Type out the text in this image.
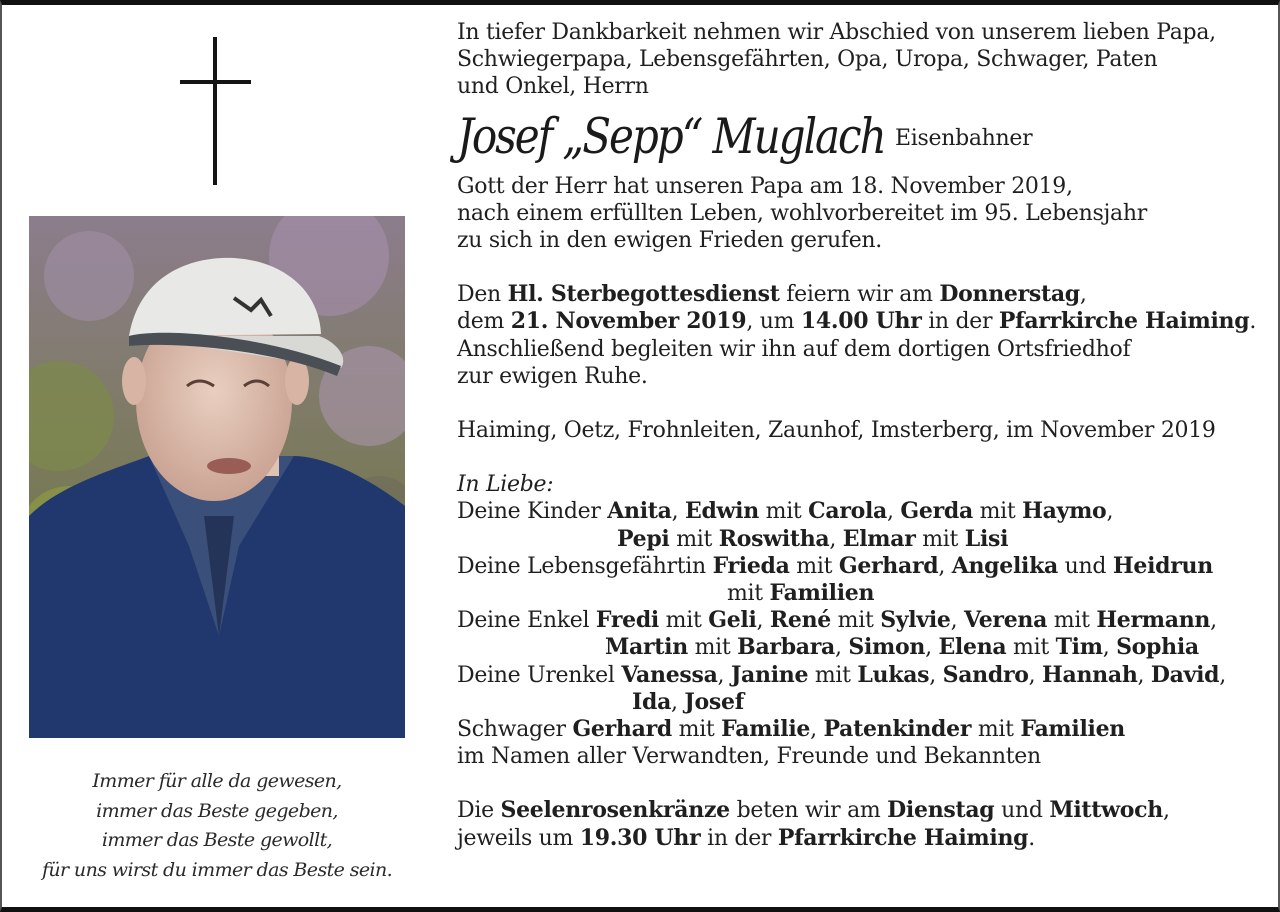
Immer für alle da gewesen,
immer das Beste gegeben,
immer das Beste gewollt,
für uns wirst du immer das Beste sein.
In tiefer Dankbarkeit nehmen wir Abschied von unserem lieben Papa,
Schwiegerpapa, Lebensgefährten, Opa, Uropa, Schwager, Paten
und Onkel, Herrn
Josef „Sepp“ Muglach Eisenbahner
Gott der Herr hat unseren Papa am 18. November 2019,
nach einem erfüllten Leben, wohlvorbereitet im 95. Lebensjahr
zu sich in den ewigen Frieden gerufen.
Den Hl. Sterbegottesdienst feiern wir am Donnerstag,
dem 21. November 2019, um 14.00 Uhr in der Pfarrkirche Haiming.
Anschließend begleiten wir ihn auf dem dortigen Ortsfriedhof
zur ewigen Ruhe.
Haiming, Oetz, Frohnleiten, Zaunhof, Imsterberg, im November 2019
In Liebe:
Deine Kinder Anita, Edwin mit Carola, Gerda mit Haymo,
Pepi mit Roswitha, Elmar mit Lisi
Deine Lebensgefährtin Frieda mit Gerhard, Angelika und Heidrun
mit Familien
Deine Enkel Fredi mit Geli, René mit Sylvie, Verena mit Hermann,
Martin mit Barbara, Simon, Elena mit Tim, Sophia
Deine Urenkel Vanessa, Janine mit Lukas, Sandro, Hannah, David,
Ida, Josef
Schwager Gerhard mit Familie, Patenkinder mit Familien
im Namen aller Verwandten, Freunde und Bekannten
Die Seelenrosenkränze beten wir am Dienstag und Mittwoch,
jeweils um 19.30 Uhr in der Pfarrkirche Haiming.
